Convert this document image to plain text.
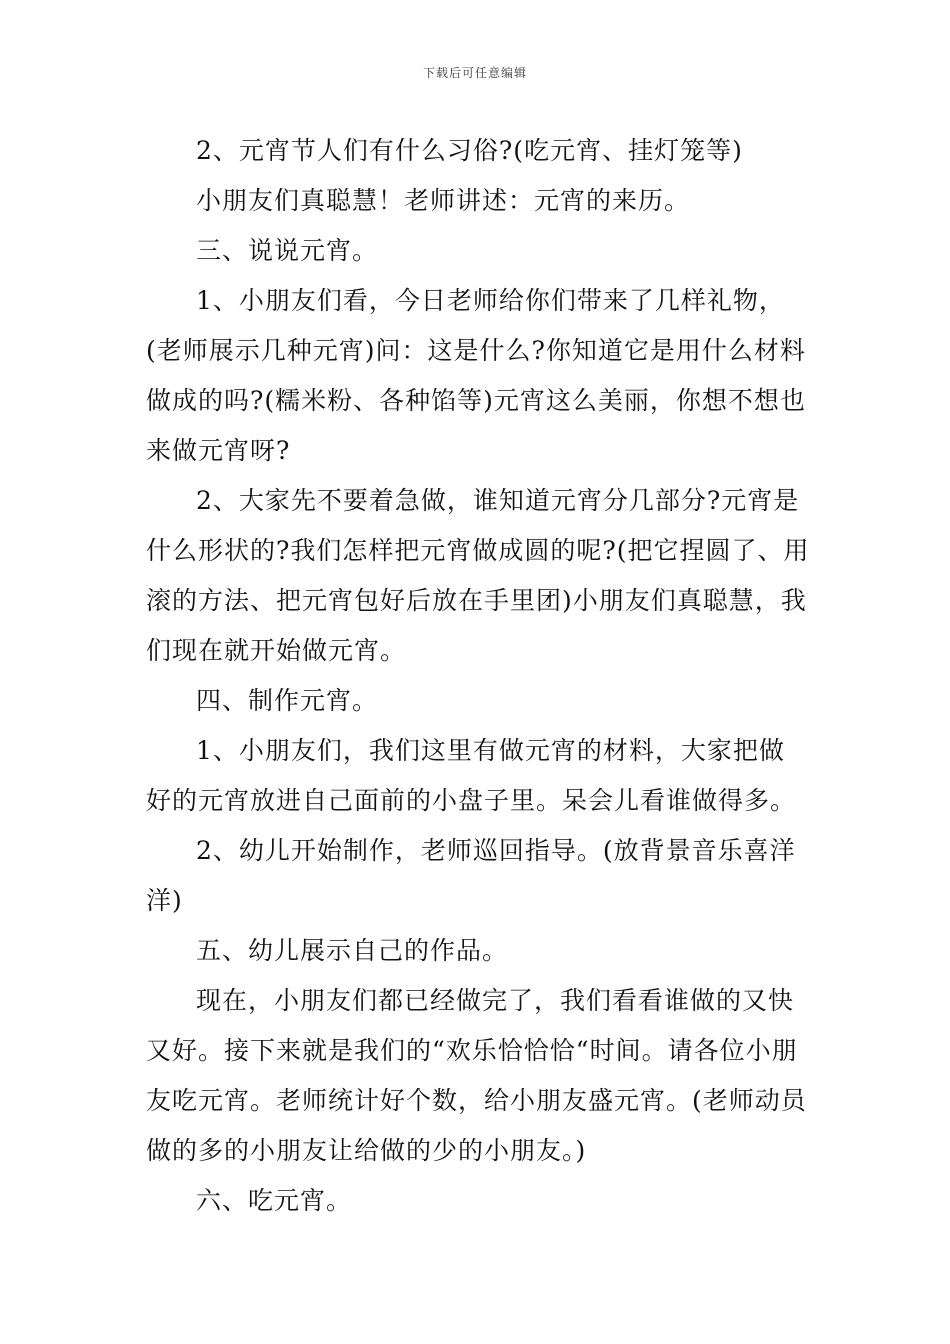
下载后可任意编辑

2、元宵节人们有什么习俗?(吃元宵、挂灯笼等)

小朋友们真聪慧！老师讲述：元宵的来历。

三、说说元宵。

1、小朋友们看，今日老师给你们带来了几样礼物，(老师展示几种元宵)问：这是什么?你知道它是用什么材料做成的吗?(糯米粉、各种馅等)元宵这么美丽，你想不想也来做元宵呀?

2、大家先不要着急做，谁知道元宵分几部分?元宵是什么形状的?我们怎样把元宵做成圆的呢?(把它捏圆了、用滚的方法、把元宵包好后放在手里团)小朋友们真聪慧，我们现在就开始做元宵。

四、制作元宵。

1、小朋友们，我们这里有做元宵的材料，大家把做好的元宵放进自己面前的小盘子里。呆会儿看谁做得多。

2、幼儿开始制作，老师巡回指导。(放背景音乐喜洋洋)

五、幼儿展示自己的作品。

现在，小朋友们都已经做完了，我们看看谁做的又快又好。接下来就是我们的“欢乐恰恰恰“时间。请各位小朋友吃元宵。老师统计好个数，给小朋友盛元宵。(老师动员做的多的小朋友让给做的少的小朋友。)

六、吃元宵。
